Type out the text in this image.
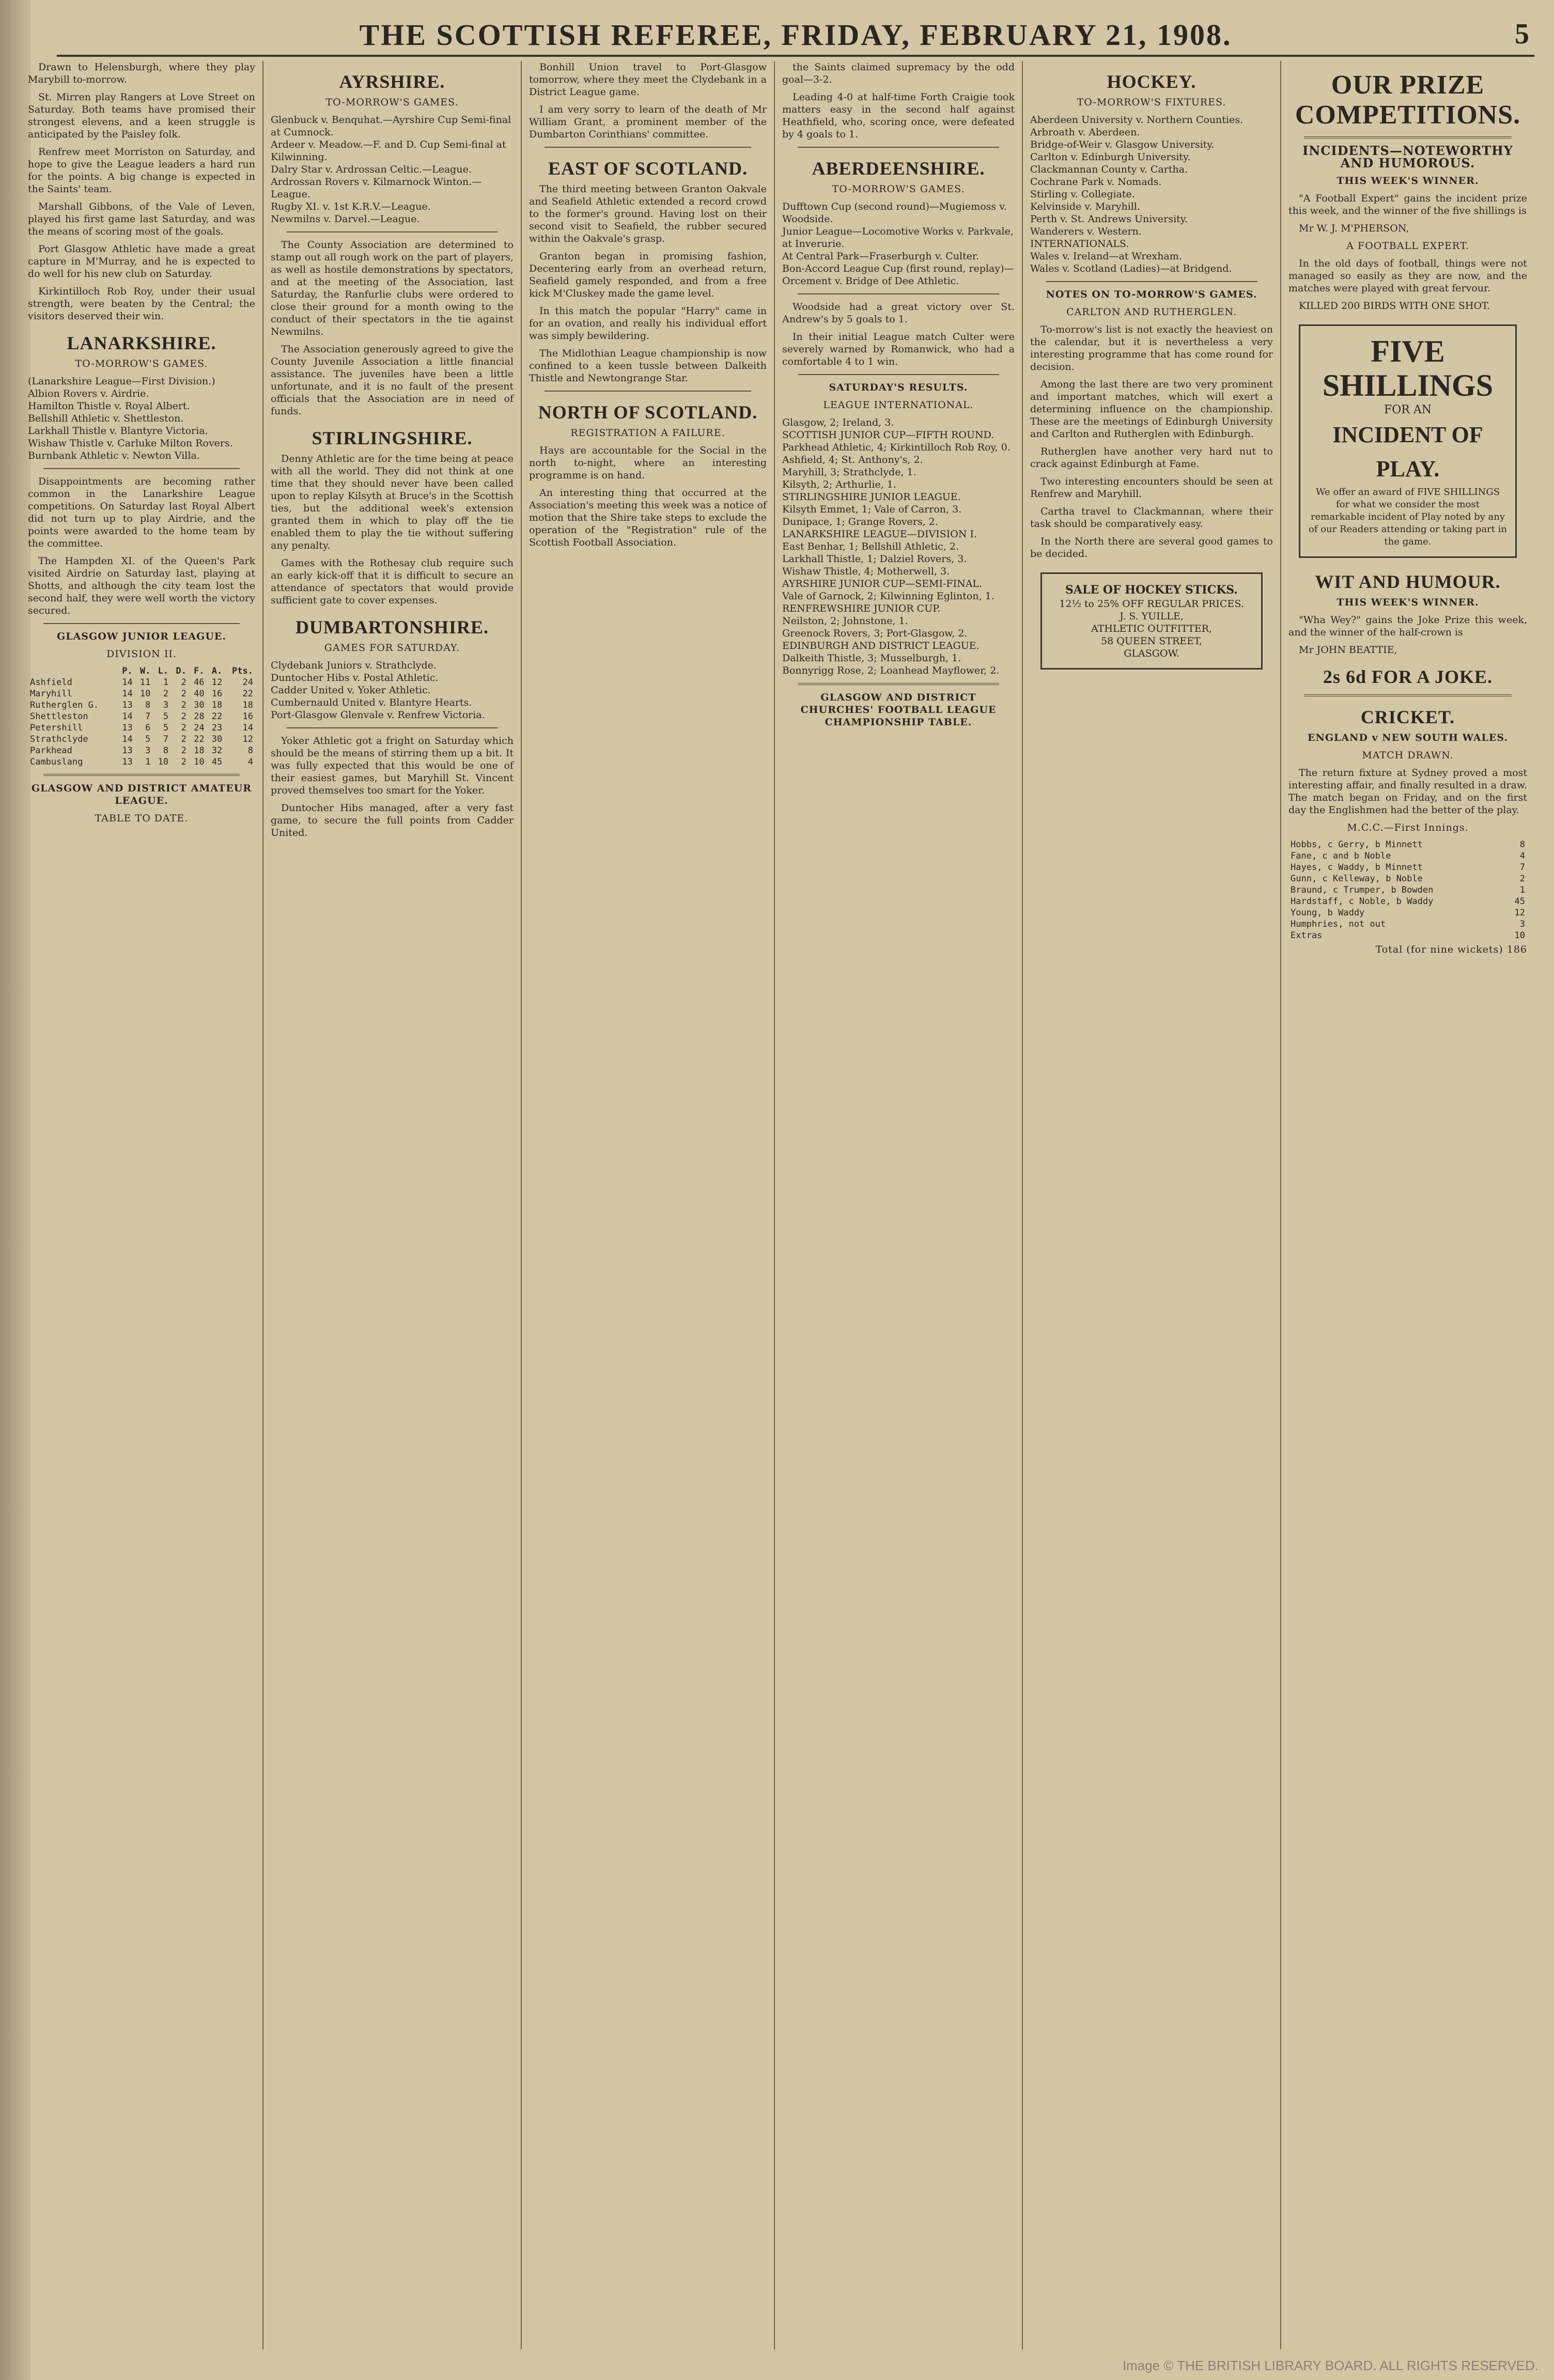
THE SCOTTISH REFEREE, FRIDAY, FEBRUARY 21, 1908.	5

Drawn to Helensburgh, where they play Marybill to-morrow.

St. Mirren play Rangers at Love Street on Saturday. Both teams have promised their strongest elevens, and a keen struggle is anticipated by the Paisley folk.

Renfrew meet Morriston on Saturday, and hope to give the League leaders a hard run for the points. A big change is expected in the Saints' team.

Marshall Gibbons, of the Vale of Leven, played his first game last Saturday, and was the means of scoring most of the goals.

Port Glasgow Athletic have made a great capture in M'Murray, and he is expected to do well for his new club on Saturday.

Kirkintilloch Rob Roy, under their usual strength, were beaten by the Central; the visitors deserved their win.

LANARKSHIRE.
TO-MORROW'S GAMES.
(Lanarkshire League—First Division.)
Albion Rovers v. Airdrie.
Hamilton Thistle v. Royal Albert.
Bellshill Athletic v. Shettleston.
Larkhall Thistle v. Blantyre Victoria.
Wishaw Thistle v. Carluke Milton Rovers.
Burnbank Athletic v. Newton Villa.

Disappointments are becoming rather common in the Lanarkshire League competitions. On Saturday last Royal Albert did not turn up to play Airdrie, and the points were awarded to the home team by the committee.

The Hampden XI. of the Queen's Park visited Airdrie on Saturday last, playing at Shotts, and although the city team lost the second half, they were well worth the victory secured.

GLASGOW JUNIOR LEAGUE.
DIVISION II.
	P.	W.	L.	D.	F.	A.	Pts.
Ashfield	14	11	1	2	46	12	24
Maryhill	14	10	2	2	40	16	22
Rutherglen G.	13	8	3	2	30	18	18
Shettleston	14	7	5	2	28	22	16
Petershill	13	6	5	2	24	23	14
Strathclyde	14	5	7	2	22	30	12
Parkhead	13	3	8	2	18	32	8
Cambuslang	13	1	10	2	10	45	4
GLASGOW AND DISTRICT AMATEUR LEAGUE.
TABLE TO DATE.
AYRSHIRE.
TO-MORROW'S GAMES.
Glenbuck v. Benquhat.—Ayrshire Cup Semi-final at Cumnock.
Ardeer v. Meadow.—F. and D. Cup Semi-final at Kilwinning.
Dalry Star v. Ardrossan Celtic.—League.
Ardrossan Rovers v. Kilmarnock Winton.—League.
Rugby XI. v. 1st K.R.V.—League.
Newmilns v. Darvel.—League.

The County Association are determined to stamp out all rough work on the part of players, as well as hostile demonstrations by spectators, and at the meeting of the Association, last Saturday, the Ranfurlie clubs were ordered to close their ground for a month owing to the conduct of their spectators in the tie against Newmilns.

The Association generously agreed to give the County Juvenile Association a little financial assistance. The juveniles have been a little unfortunate, and it is no fault of the present officials that the Association are in need of funds.

STIRLINGSHIRE.

Denny Athletic are for the time being at peace with all the world. They did not think at one time that they should never have been called upon to replay Kilsyth at Bruce's in the Scottish ties, but the additional week's extension granted them in which to play off the tie enabled them to play the tie without suffering any penalty.

Games with the Rothesay club require such an early kick-off that it is difficult to secure an attendance of spectators that would provide sufficient gate to cover expenses.

DUMBARTONSHIRE.
GAMES FOR SATURDAY.
Clydebank Juniors v. Strathclyde.
Duntocher Hibs v. Postal Athletic.
Cadder United v. Yoker Athletic.
Cumbernauld United v. Blantyre Hearts.
Port-Glasgow Glenvale v. Renfrew Victoria.

Yoker Athletic got a fright on Saturday which should be the means of stirring them up a bit. It was fully expected that this would be one of their easiest games, but Maryhill St. Vincent proved themselves too smart for the Yoker.

Duntocher Hibs managed, after a very fast game, to secure the full points from Cadder United.

Bonhill Union travel to Port-Glasgow tomorrow, where they meet the Clydebank in a District League game.

I am very sorry to learn of the death of Mr William Grant, a prominent member of the Dumbarton Corinthians' committee.

EAST OF SCOTLAND.

The third meeting between Granton Oakvale and Seafield Athletic extended a record crowd to the former's ground. Having lost on their second visit to Seafield, the rubber secured within the Oakvale's grasp.

Granton began in promising fashion, Decentering early from an overhead return, Seafield gamely responded, and from a free kick M'Cluskey made the game level.

In this match the popular "Harry" came in for an ovation, and really his individual effort was simply bewildering.

The Midlothian League championship is now confined to a keen tussle between Dalkeith Thistle and Newtongrange Star.

NORTH OF SCOTLAND.
REGISTRATION A FAILURE.

Hays are accountable for the Social in the north to-night, where an interesting programme is on hand.

An interesting thing that occurred at the Association's meeting this week was a notice of motion that the Shire take steps to exclude the operation of the "Registration" rule of the Scottish Football Association.

the Saints claimed supremacy by the odd goal—3-2.

Leading 4-0 at half-time Forth Craigie took matters easy in the second half against Heathfield, who, scoring once, were defeated by 4 goals to 1.

ABERDEENSHIRE.
TO-MORROW'S GAMES.
Dufftown Cup (second round)—Mugiemoss v. Woodside.
Junior League—Locomotive Works v. Parkvale, at Inverurie.
At Central Park—Fraserburgh v. Culter.
Bon-Accord League Cup (first round, replay)—Orcement v. Bridge of Dee Athletic.

Woodside had a great victory over St. Andrew's by 5 goals to 1.

In their initial League match Culter were severely warned by Romanwick, who had a comfortable 4 to 1 win.

SATURDAY'S RESULTS.
LEAGUE INTERNATIONAL.
Glasgow, 2; Ireland, 3.
SCOTTISH JUNIOR CUP—FIFTH ROUND.
Parkhead Athletic, 4; Kirkintilloch Rob Roy, 0.
Ashfield, 4; St. Anthony's, 2.
Maryhill, 3; Strathclyde, 1.
Kilsyth, 2; Arthurlie, 1.
STIRLINGSHIRE JUNIOR LEAGUE.
Kilsyth Emmet, 1; Vale of Carron, 3.
Dunipace, 1; Grange Rovers, 2.
LANARKSHIRE LEAGUE—DIVISION I.
East Benhar, 1; Bellshill Athletic, 2.
Larkhall Thistle, 1; Dalziel Rovers, 3.
Wishaw Thistle, 4; Motherwell, 3.
AYRSHIRE JUNIOR CUP—SEMI-FINAL.
Vale of Garnock, 2; Kilwinning Eglinton, 1.
RENFREWSHIRE JUNIOR CUP.
Neilston, 2; Johnstone, 1.
Greenock Rovers, 3; Port-Glasgow, 2.
EDINBURGH AND DISTRICT LEAGUE.
Dalkeith Thistle, 3; Musselburgh, 1.
Bonnyrigg Rose, 2; Loanhead Mayflower, 2.
GLASGOW AND DISTRICT CHURCHES' FOOTBALL LEAGUE CHAMPIONSHIP TABLE.
HOCKEY.
TO-MORROW'S FIXTURES.
Aberdeen University v. Northern Counties.
Arbroath v. Aberdeen.
Bridge-of-Weir v. Glasgow University.
Carlton v. Edinburgh University.
Clackmannan County v. Cartha.
Cochrane Park v. Nomads.
Stirling v. Collegiate.
Kelvinside v. Maryhill.
Perth v. St. Andrews University.
Wanderers v. Western.
INTERNATIONALS.
Wales v. Ireland—at Wrexham.
Wales v. Scotland (Ladies)—at Bridgend.
NOTES ON TO-MORROW'S GAMES.
CARLTON AND RUTHERGLEN.

To-morrow's list is not exactly the heaviest on the calendar, but it is nevertheless a very interesting programme that has come round for decision.

Among the last there are two very prominent and important matches, which will exert a determining influence on the championship. These are the meetings of Edinburgh University and Carlton and Rutherglen with Edinburgh.

Rutherglen have another very hard nut to crack against Edinburgh at Fame.

Two interesting encounters should be seen at Renfrew and Maryhill.

Cartha travel to Clackmannan, where their task should be comparatively easy.

In the North there are several good games to be decided.

SALE OF HOCKEY STICKS.
12½ to 25% OFF REGULAR PRICES.
J. S. YUILLE,
ATHLETIC OUTFITTER,
58 QUEEN STREET,
GLASGOW.
OUR PRIZE COMPETITIONS.
INCIDENTS—NOTEWORTHY AND HUMOROUS.
THIS WEEK'S WINNER.

"A Football Expert" gains the incident prize this week, and the winner of the five shillings is

Mr W. J. M'PHERSON,

A FOOTBALL EXPERT.

In the old days of football, things were not managed so easily as they are now, and the matches were played with great fervour.

KILLED 200 BIRDS WITH ONE SHOT.

FIVE SHILLINGS
FOR AN
INCIDENT OF PLAY.
We offer an award of FIVE SHILLINGS for what we consider the most remarkable incident of Play noted by any of our Readers attending or taking part in the game.
WIT AND HUMOUR.
THIS WEEK'S WINNER.

"Wha Wey?" gains the Joke Prize this week, and the winner of the half-crown is

Mr JOHN BEATTIE,

2s 6d FOR A JOKE.
CRICKET.
ENGLAND v NEW SOUTH WALES.
MATCH DRAWN.

The return fixture at Sydney proved a most interesting affair, and finally resulted in a draw. The match began on Friday, and on the first day the Englishmen had the better of the play.

M.C.C.—First Innings.
Hobbs, c Gerry, b Minnett	8
Fane, c and b Noble	4
Hayes, c Waddy, b Minnett	7
Gunn, c Kelleway, b Noble	2
Braund, c Trumper, b Bowden	1
Hardstaff, c Noble, b Waddy	45
Young, b Waddy	12
Humphries, not out	3
Extras	10
Total (for nine wickets) 186
Image © THE BRITISH LIBRARY BOARD. ALL RIGHTS RESERVED.
